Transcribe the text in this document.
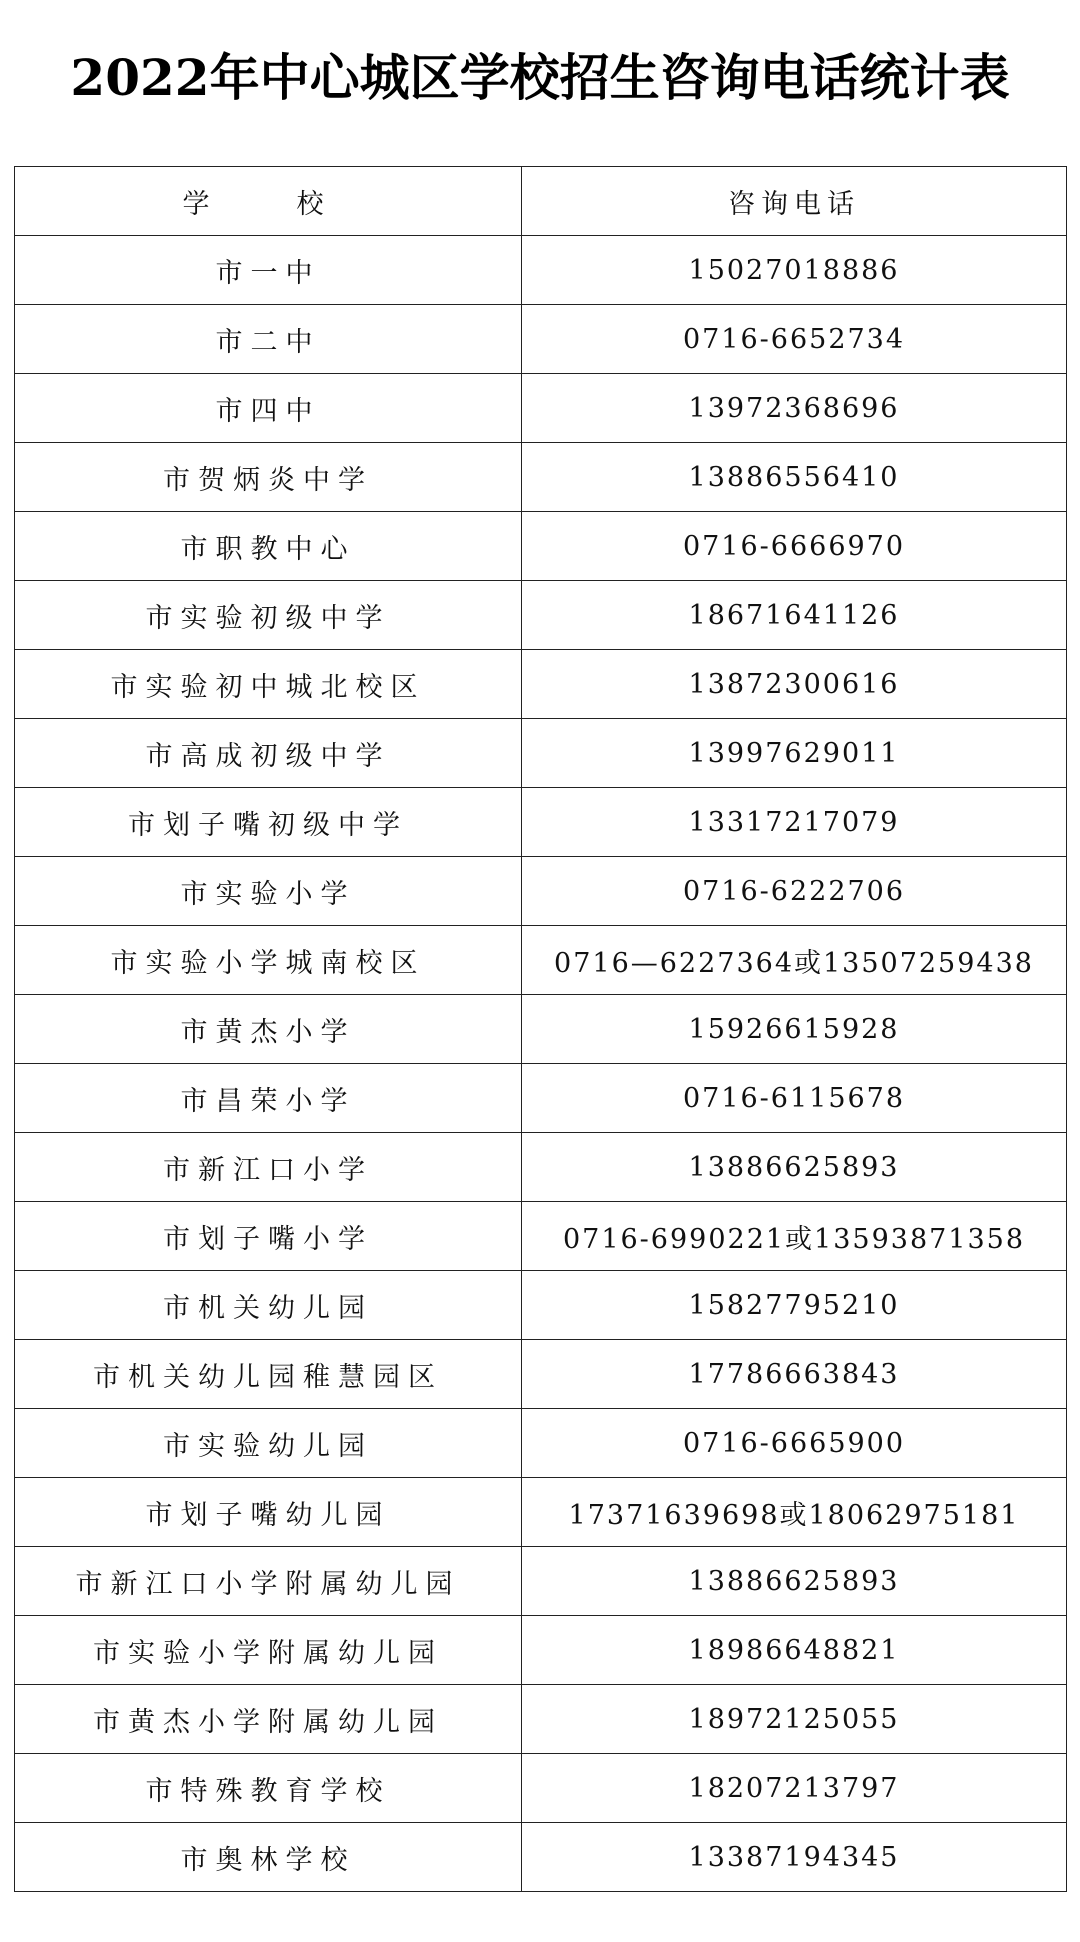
2022年中心城区学校招生咨询电话统计表
学　校	咨询电话
市一中	15027018886
市二中	0716-6652734
市四中	13972368696
市贺炳炎中学	13886556410
市职教中心	0716-6666970
市实验初级中学	18671641126
市实验初中城北校区	13872300616
市高成初级中学	13997629011
市划子嘴初级中学	13317217079
市实验小学	0716-6222706
市实验小学城南校区	0716—6227364或13507259438
市黄杰小学	15926615928
市昌荣小学	0716-6115678
市新江口小学	13886625893
市划子嘴小学	0716-6990221或13593871358
市机关幼儿园	15827795210
市机关幼儿园稚慧园区	17786663843
市实验幼儿园	0716-6665900
市划子嘴幼儿园	17371639698或18062975181
市新江口小学附属幼儿园	13886625893
市实验小学附属幼儿园	18986648821
市黄杰小学附属幼儿园	18972125055
市特殊教育学校	18207213797
市奥林学校	13387194345
